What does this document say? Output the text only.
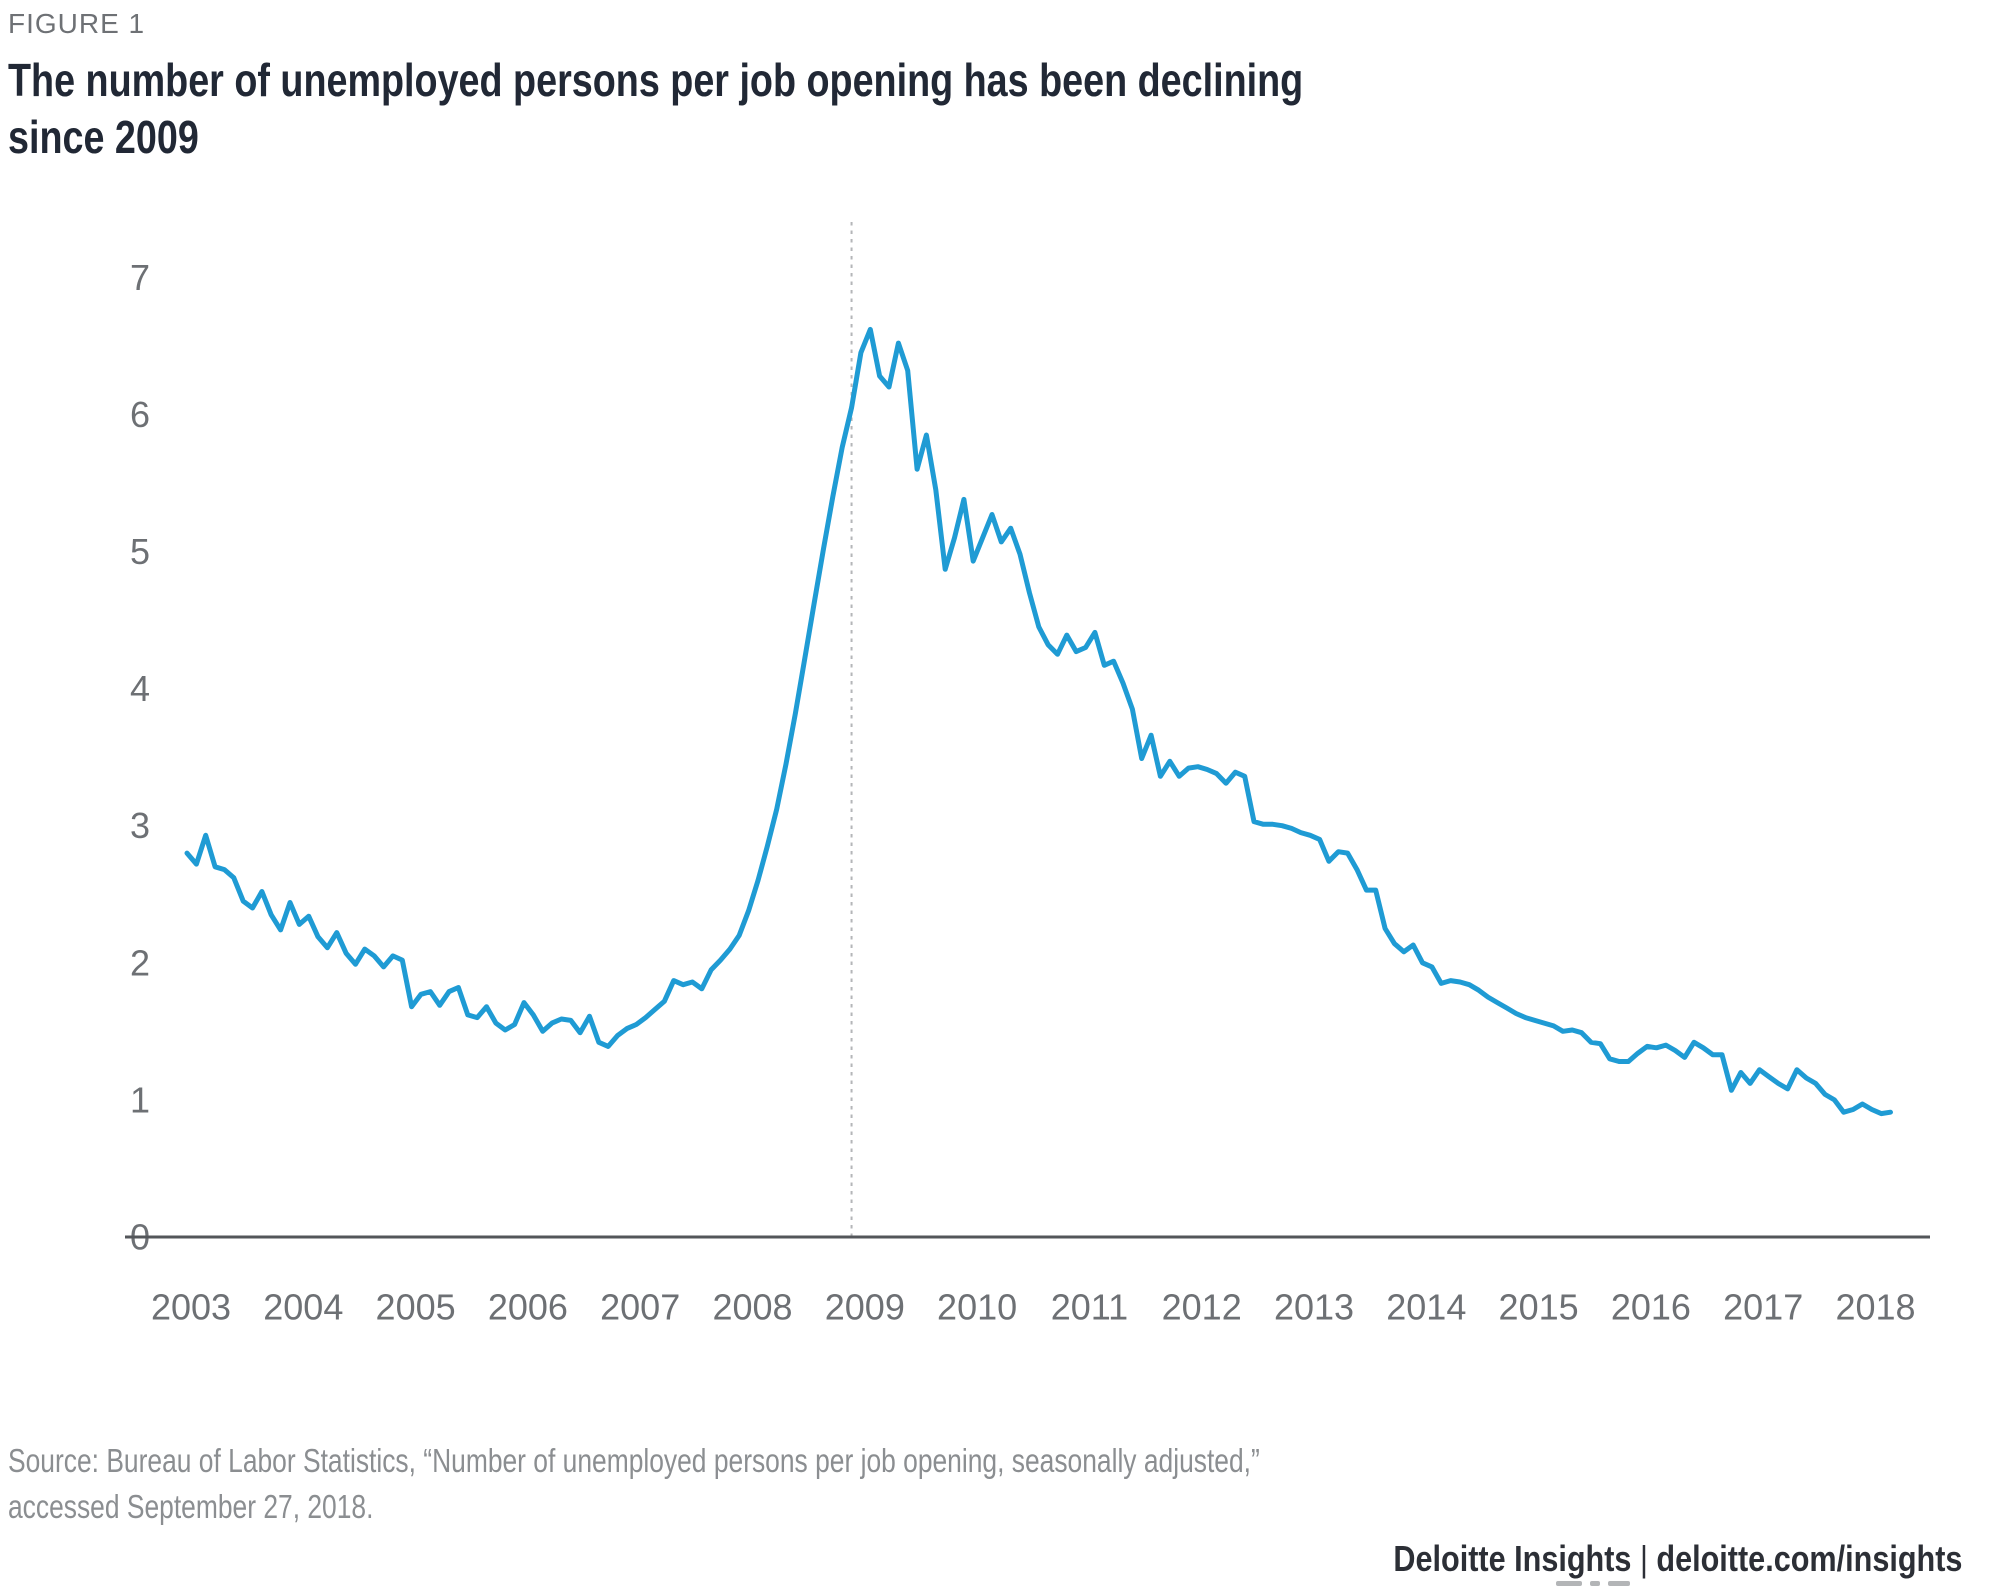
FIGURE 1
The number of unemployed persons per job opening has been declining
since 2009
0
1
2
3
4
5
6
7
2003 2004 2005 2006 2007 2008 2009 2010 2011 2012 2013 2014 2015 2016 2017 2018
Source: Bureau of Labor Statistics, “Number of unemployed persons per job opening, seasonally adjusted,”
accessed September 27, 2018.
Deloitte Insights | deloitte.com/insights
